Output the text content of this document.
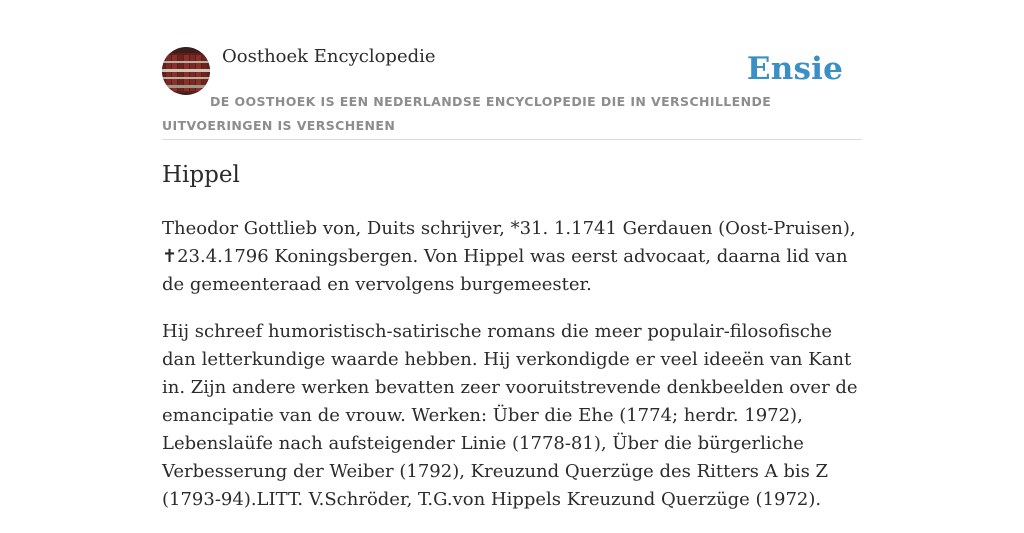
Oosthoek Encyclopedie	Ensie
DE OOSTHOEK IS EEN NEDERLANDSE ENCYCLOPEDIE DIE IN VERSCHILLENDE UITVOERINGEN IS VERSCHENEN
Hippel

Theodor Gottlieb von, Duits schrijver, *31. 1.1741 Gerdauen (Oost-Pruisen), ✝23.4.1796 Koningsbergen. Von Hippel was eerst advocaat, daarna lid van de gemeenteraad en vervolgens burgemeester.

Hij schreef humoristisch-satirische romans die meer populair-filosofische dan letterkundige waarde hebben. Hij verkondigde er veel ideeën van Kant in. Zijn andere werken bevatten zeer vooruitstrevende denkbeelden over de emancipatie van de vrouw. Werken: Über die Ehe (1774; herdr. 1972), Lebenslaüfe nach aufsteigender Linie (1778-81), Über die bürgerliche Verbesserung der Weiber (1792), Kreuzund Querzüge des Ritters A bis Z (1793-94).LITT. V.Schröder, T.G.von Hippels Kreuzund Querzüge (1972).
